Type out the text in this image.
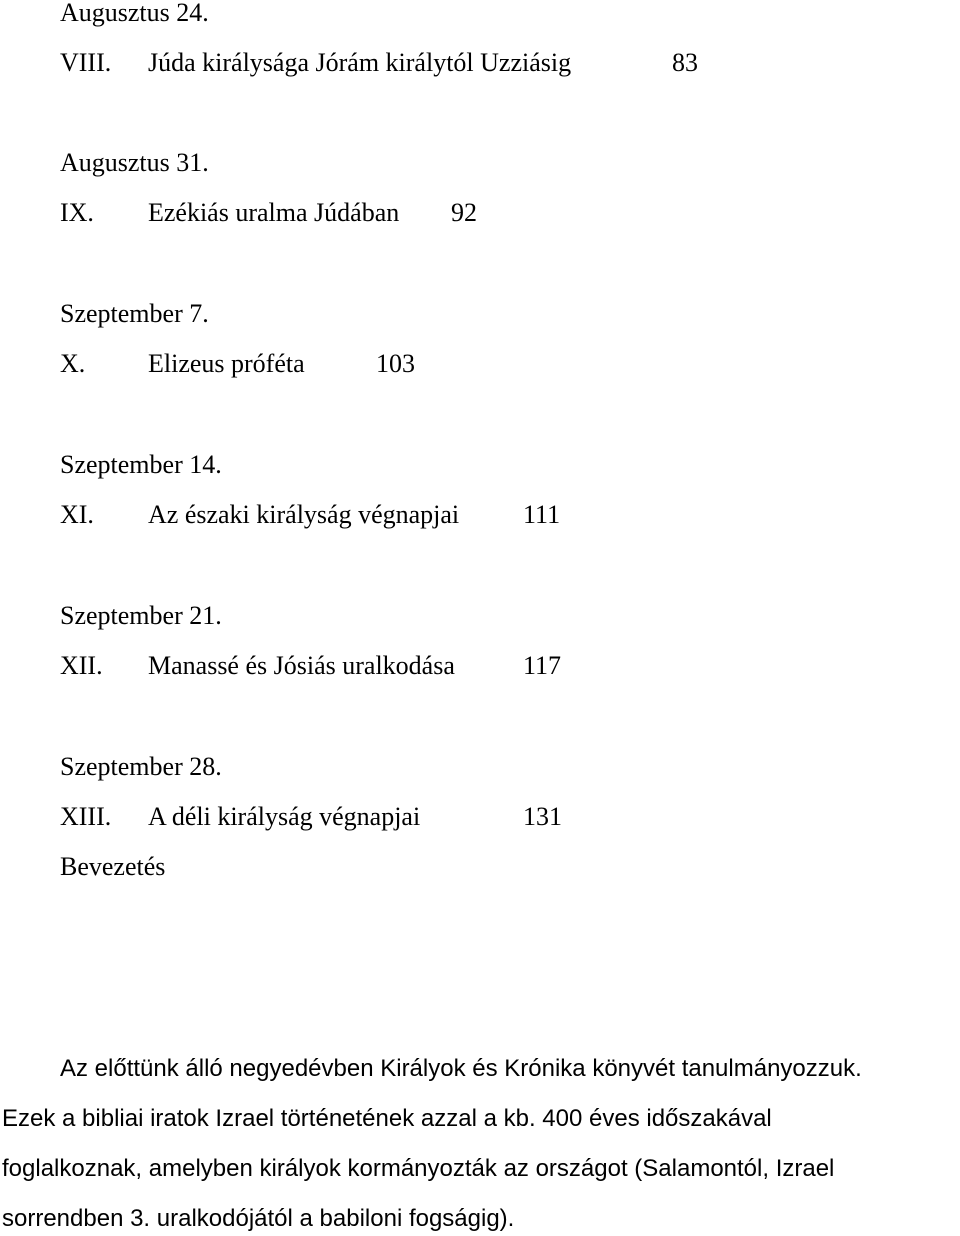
Augusztus 24.
VIII. Júda királysága Jórám királytól Uzziásig	83
Augusztus 31.
IX. Ezékiás uralma Júdában 92
Szeptember 7.
X. Elizeus próféta	103
Szeptember 14.
XI. Az északi királyság végnapjai 111
Szeptember 21.
XII. Manassé és Jósiás uralkodása	117
Szeptember 28.
XIII. A déli királyság végnapjai	131
Bevezetés
Az előttünk álló negyedévben Királyok és Krónika könyvét tanulmányozzuk.
Ezek a bibliai iratok Izrael történetének azzal a kb. 400 éves időszakával
foglalkoznak, amelyben királyok kormányozták az országot (Salamontól, Izrael
sorrendben 3. uralkodójától a babiloni fogságig).
